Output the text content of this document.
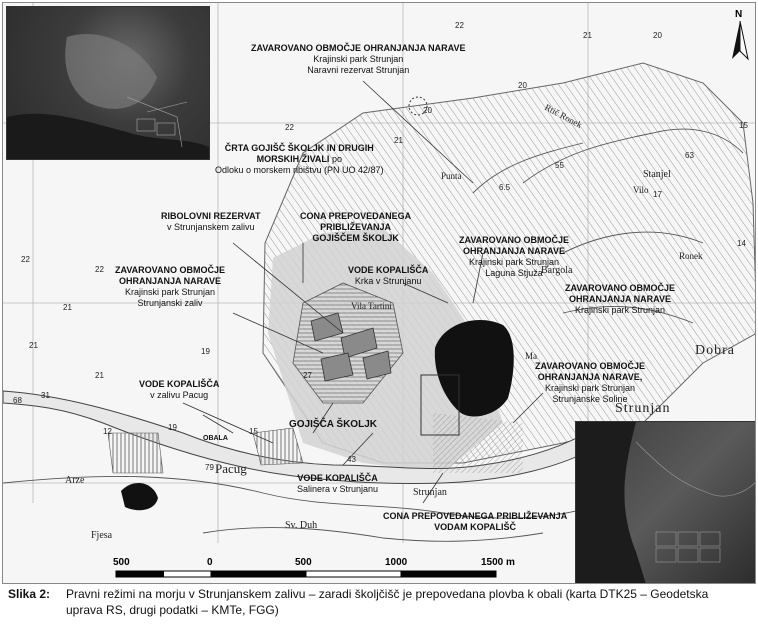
N
ZAVAROVANO OBMOČJE OHRANJANJA NARAVE
Krajinski park Strunjan
Naravni rezervat Strunjan
ČRTA GOJIŠČ ŠKOLJK IN DRUGIH
MORSKIH ŽIVALI po
Odloku o morskem ribištvu (PN UO 42/87)
RIBOLOVNI REZERVAT
v Strunjanskem zalivu
CONA PREPOVEDANEGA
PRIBLIŽEVANJA
GOJIŠČEM ŠKOLJK
ZAVAROVANO OBMOČJE
OHRANJANJA NARAVE
Krajinski park Strunjan
Strunjanski zaliv
VODE KOPALIŠČA
Krka v Strunjanu
ZAVAROVANO OBMOČJE
OHRANJANJA NARAVE
Krajinski park Strunjan
Laguna Stjuža
ZAVAROVANO OBMOČJE
OHRANJANJA NARAVE
Krajinski park Strunjan
ZAVAROVANO OBMOČJE
OHRANJANJA NARAVE,
Krajinski park Strunjan
Strunjanske Soline
VODE KOPALIŠČA
v zalivu Pacug
GOJIŠČA ŠKOLJK
VODE KOPALIŠČA
Salinera v Strunjanu
CONA PREPOVEDANEGA PRIBLIŽEVANJA
VODAM KOPALIŠČ
OBALA
Pacug
Arze
Fjesa
Sv. Duh
Strunjan
Strunjan
Dobra
Stanjel
Bargola
Vila Tartini
Ronek
Rtič Ronek
Punta
Ma
Vilo
22
21	20
20
15
22
21
20
22
22
21
21
21
19
27
31
12	19	15
68
63
55
6.5
17
43
79
14
500	0	500	1000	1500 m
Slika 2: Pravni režimi na morju v Strunjanskem zalivu – zaradi školjčišč je prepovedana plovba k obali (karta DTK25 – Geodetska uprava RS, drugi podatki – KMTe, FGG)
